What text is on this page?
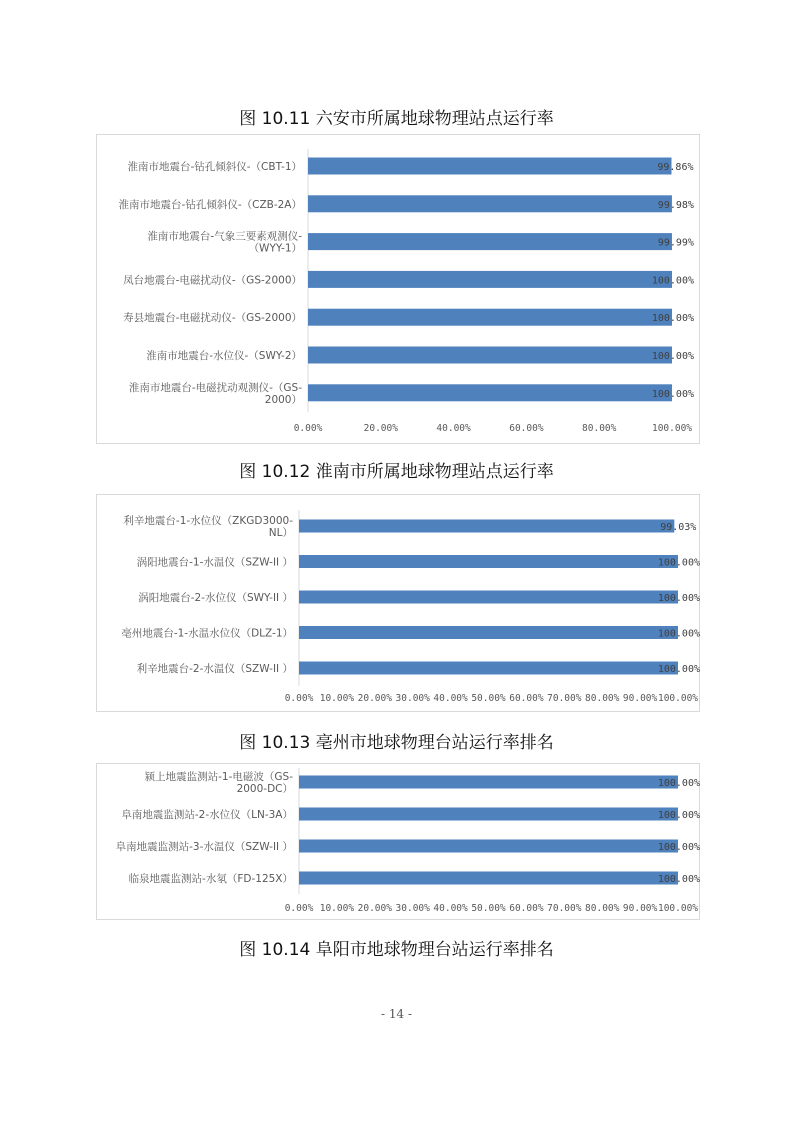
图 10.11 六安市所属地球物理站点运行率
淮南市地震台-钻孔倾斜仪-（CBT-1）	99.86%
淮南市地震台-钻孔倾斜仪-（CZB-2A）	99.98%
淮南市地震台-气象三要素观测仪-
（WYY-1）	99.99%
凤台地震台-电磁扰动仪-（GS-2000）	100.00%
寿县地震台-电磁扰动仪-（GS-2000）	100.00%
淮南市地震台-水位仪-（SWY-2）	100.00%
淮南市地震台-电磁扰动观测仪-（GS-
2000）	100.00%
0.00%	20.00%	40.00%	60.00%	80.00%	100.00%
图 10.12 淮南市所属地球物理站点运行率
利辛地震台-1-水位仪（ZKGD3000-
NL）	99.03%
涡阳地震台-1-水温仪（SZW-II ）	100.00%
涡阳地震台-2-水位仪（SWY-II ）	100.00%
亳州地震台-1-水温水位仪（DLZ-1）	100.00%
利辛地震台-2-水温仪（SZW-II ）	100.00%
0.00% 10.00% 20.00% 30.00% 40.00% 50.00% 60.00% 70.00% 80.00% 90.00% 100.00%
图 10.13 亳州市地球物理台站运行率排名
颍上地震监测站-1-电磁波（GS-
2000-DC）	100.00%
阜南地震监测站-2-水位仪（LN-3A）	100.00%
阜南地震监测站-3-水温仪（SZW-II ）	100.00%
临泉地震监测站-水氡（FD-125X）	100.00%
0.00% 10.00% 20.00% 30.00% 40.00% 50.00% 60.00% 70.00% 80.00% 90.00% 100.00%
图 10.14 阜阳市地球物理台站运行率排名
- 14 -
